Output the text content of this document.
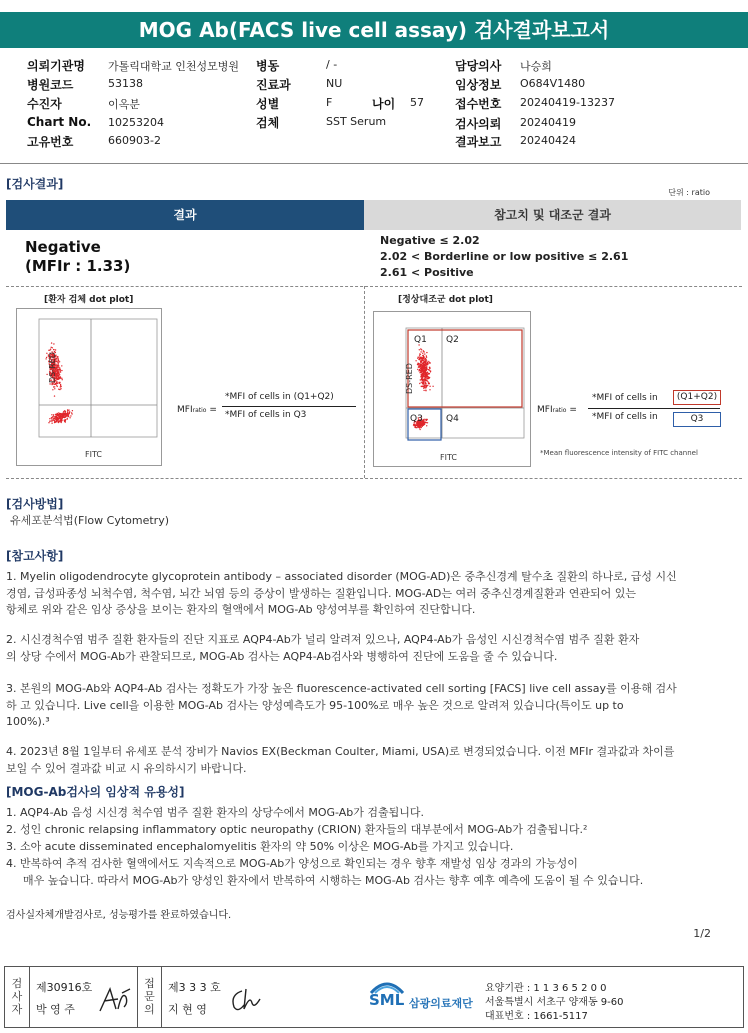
MOG Ab(FACS live cell assay) 검사결과보고서
의뢰기관명 가톨릭대학교 인천성모병원
병원코드	53138
수진자	이옥분
Chart No. 10253204
고유번호	660903-2
병동	/ -
진료과	NU
성별	F	나이 57
검체	SST Serum
담당의사 나승희
임상정보 O684V1480
접수번호 20240419-13237
검사의뢰 20240419
결과보고 20240424
[검사결과]
단위 : ratio
결과	참고치 및 대조군 결과
Negative
(MFIr : 1.33)
Negative ≤ 2.02
2.02 < Borderline or low positive ≤ 2.61
2.61 < Positive
[환자 검체 dot plot]
DS-RED
FITC
MFIratio =
*MFI of cells in (Q1+Q2)
*MFI of cells in Q3
[정상대조군 dot plot]
Q1 Q2
Q3	Q4
DS-RED
FITC
MFIratio =
*MFI of cells in	(Q1+Q2)
*MFI of cells in	Q3
*Mean fluorescence intensity of FITC channel
[검사방법]
유세포분석법(Flow Cytometry)
[참고사항]
1. Myelin oligodendrocyte glycoprotein antibody – associated disorder (MOG-AD)은 중추신경계 탈수초 질환의 하나로, 급성 시신
경염, 급성파종성 뇌척수염, 척수염, 뇌간 뇌염 등의 증상이 발생하는 질환입니다. MOG-AD는 여러 중추신경계질환과 연관되어 있는
항체로 위와 같은 임상 증상을 보이는 환자의 혈액에서 MOG-Ab 양성여부를 확인하여 진단합니다.
2. 시신경척수염 범주 질환 환자들의 진단 지표로 AQP4-Ab가 널리 알려져 있으나, AQP4-Ab가 음성인 시신경척수염 범주 질환 환자
의 상당 수에서 MOG-Ab가 관찰되므로, MOG-Ab 검사는 AQP4-Ab검사와 병행하여 진단에 도움을 줄 수 있습니다.
3. 본원의 MOG-Ab와 AQP4-Ab 검사는 정확도가 가장 높은 fluorescence-activated cell sorting [FACS] live cell assay를 이용해 검사
하 고 있습니다. Live cell을 이용한 MOG-Ab 검사는 양성예측도가 95-100%로 매우 높은 것으로 알려져 있습니다(특이도 up to
100%).³
4. 2023년 8월 1일부터 유세포 분석 장비가 Navios EX(Beckman Coulter, Miami, USA)로 변경되었습니다. 이전 MFIr 결과값과 차이를
보일 수 있어 결과값 비교 시 유의하시기 바랍니다.
[MOG-Ab검사의 임상적 유용성]
1. AQP4-Ab 음성 시신경 척수염 범주 질환 환자의 상당수에서 MOG-Ab가 검출됩니다.
2. 성인 chronic relapsing inflammatory optic neuropathy (CRION) 환자들의 대부분에서 MOG-Ab가 검출됩니다.²
3. 소아 acute disseminated encephalomyelitis 환자의 약 50% 이상은 MOG-Ab를 가지고 있습니다.
4. 반복하여 추적 검사한 혈액에서도 지속적으로 MOG-Ab가 양성으로 확인되는 경우 향후 재발성 임상 경과의 가능성이
매우 높습니다. 따라서 MOG-Ab가 양성인 환자에서 반복하여 시행하는 MOG-Ab 검사는 향후 예후 예측에 도움이 될 수 있습니다.
검사실자체개발검사로, 성능평가를 완료하였습니다.
1/2
검
사
자
제30916호
박 영 주
접
문
의
제3 3 3 호
지 현 영
SML 삼광의료재단
요양기관 : 1 1 3 6 5 2 0 0
서울특별시 서초구 양재동 9-60
대표번호 : 1661-5117
